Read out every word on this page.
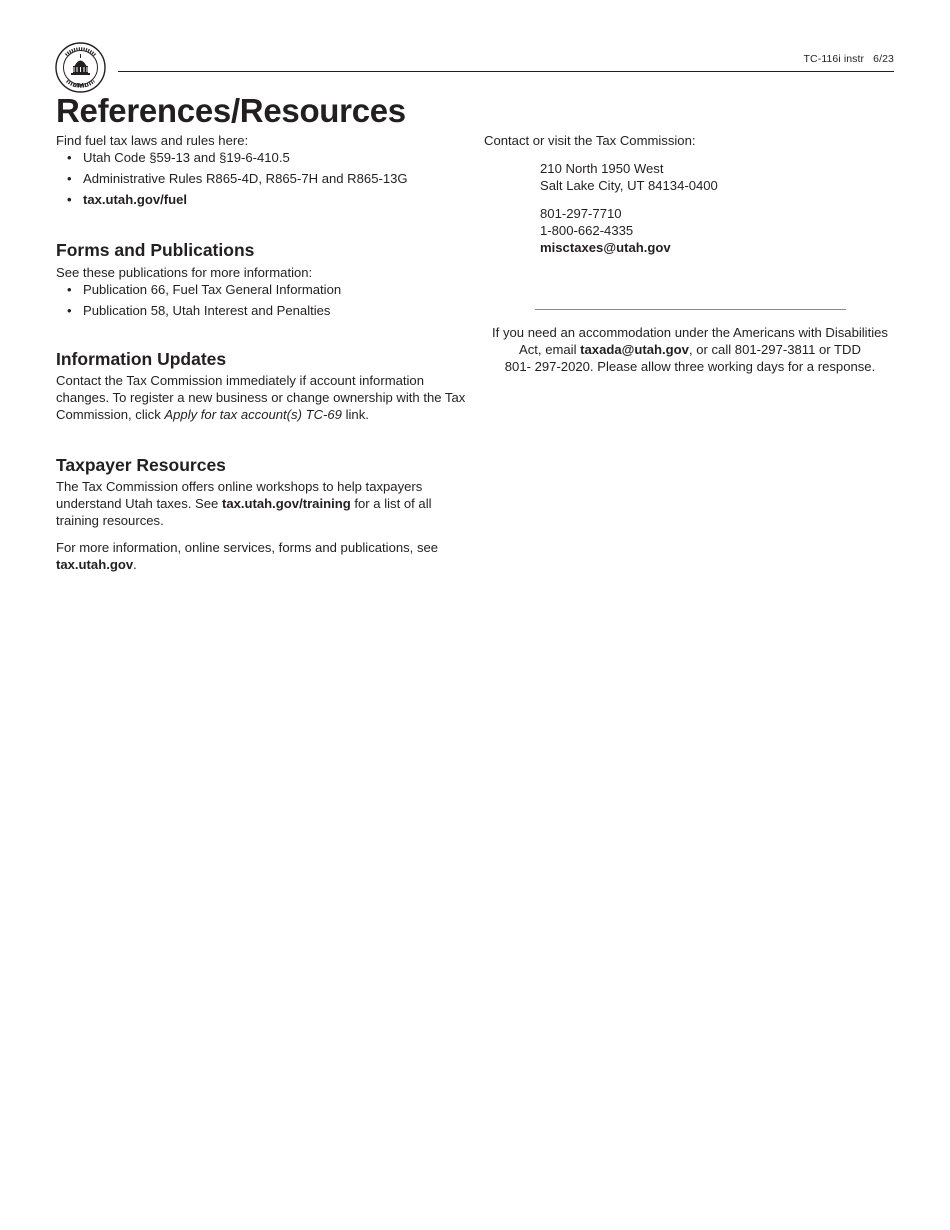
SEAL
TC-116i instr 6/23
References/Resources

Find fuel tax laws and rules here:

• Utah Code §59-13 and §19-6-410.5
• Administrative Rules R865-4D, R865-7H and R865-13G
• tax.utah.gov/fuel
Forms and Publications

See these publications for more information:

• Publication 66, Fuel Tax General Information
• Publication 58, Utah Interest and Penalties
Information Updates

Contact the Tax Commission immediately if account information changes. To register a new business or change ownership with the Tax Commission, click Apply for tax account(s) TC-69 link.

Taxpayer Resources

The Tax Commission offers online workshops to help taxpayers understand Utah taxes. See tax.utah.gov/training for a list of all training resources.

For more information, online services, forms and publications, see tax.utah.gov.

Contact or visit the Tax Commission:

210 North 1950 West

Salt Lake City, UT 84134-0400

801-297-7710

1-800-662-4335

misctaxes@utah.gov

If you need an accommodation under the Americans with Disabilities

Act, email taxada@utah.gov, or call 801-297-3811 or TDD

801- 297-2020. Please allow three working days for a response.
